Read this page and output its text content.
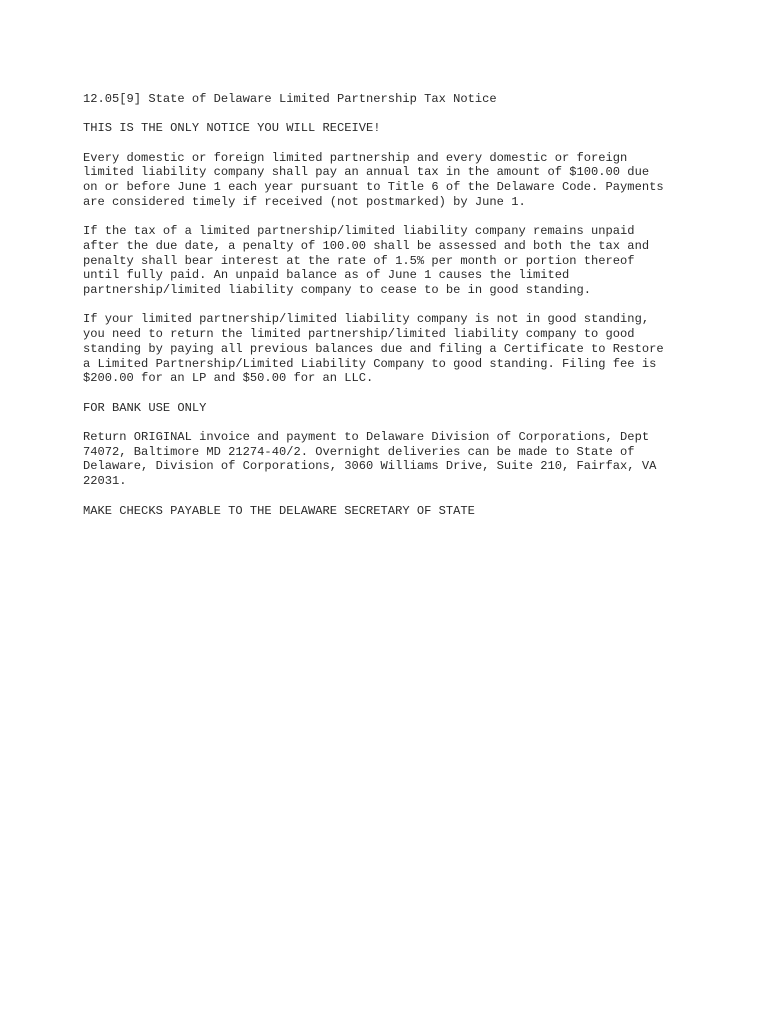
12.05[9] State of Delaware Limited Partnership Tax Notice
THIS IS THE ONLY NOTICE YOU WILL RECEIVE!
Every domestic or foreign limited partnership and every domestic or foreign
limited liability company shall pay an annual tax in the amount of $100.00 due
on or before June 1 each year pursuant to Title 6 of the Delaware Code. Payments
are considered timely if received (not postmarked) by June 1.
If the tax of a limited partnership/limited liability company remains unpaid
after the due date, a penalty of 100.00 shall be assessed and both the tax and
penalty shall bear interest at the rate of 1.5% per month or portion thereof
until fully paid. An unpaid balance as of June 1 causes the limited
partnership/limited liability company to cease to be in good standing.
If your limited partnership/limited liability company is not in good standing,
you need to return the limited partnership/limited liability company to good
standing by paying all previous balances due and filing a Certificate to Restore
a Limited Partnership/Limited Liability Company to good standing. Filing fee is
$200.00 for an LP and $50.00 for an LLC.
FOR BANK USE ONLY
Return ORIGINAL invoice and payment to Delaware Division of Corporations, Dept
74072, Baltimore MD 21274-40/2. Overnight deliveries can be made to State of
Delaware, Division of Corporations, 3060 Williams Drive, Suite 210, Fairfax, VA
22031.
MAKE CHECKS PAYABLE TO THE DELAWARE SECRETARY OF STATE
